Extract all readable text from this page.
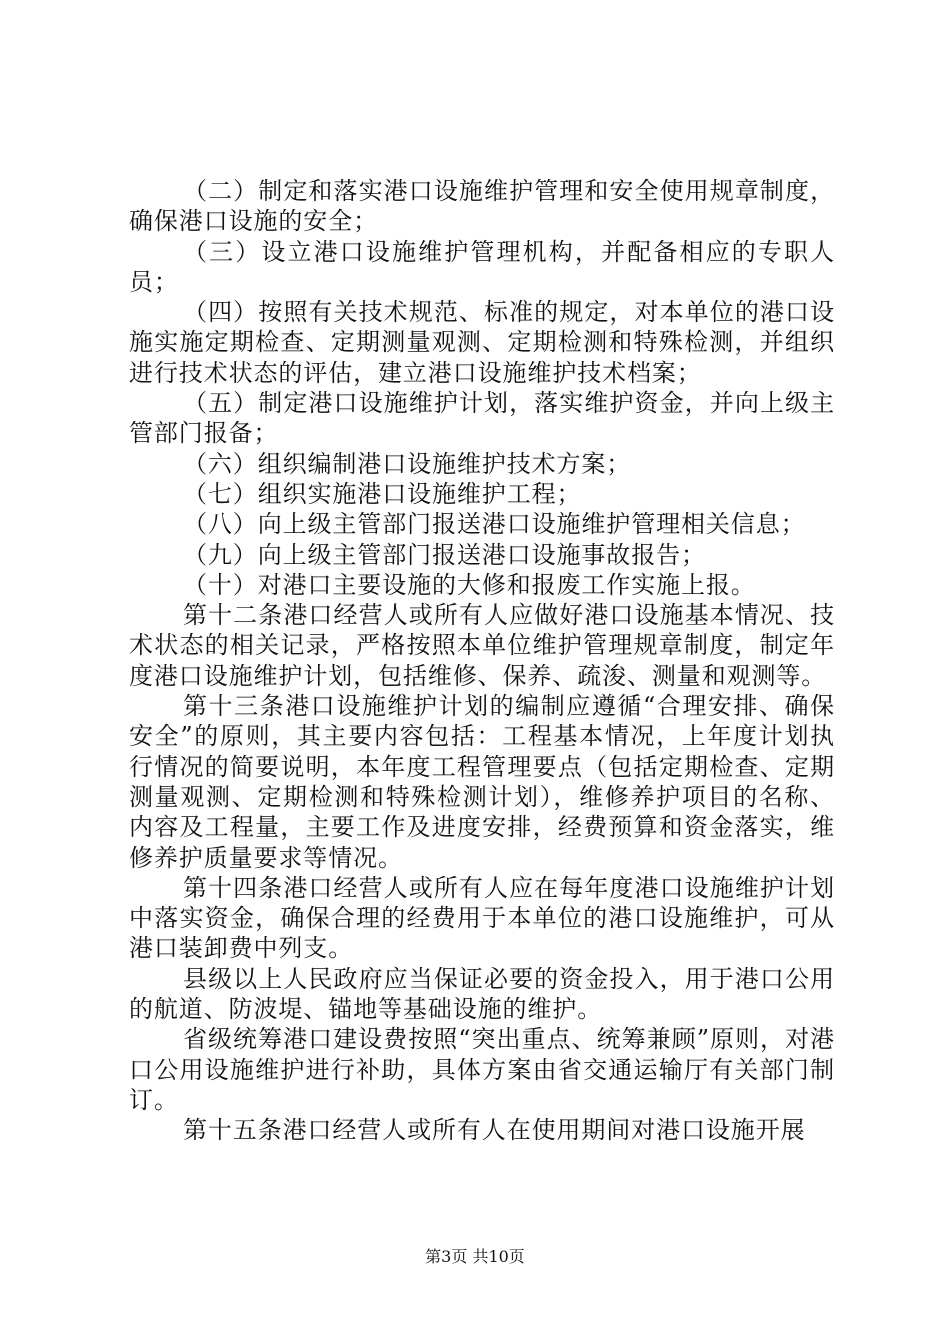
（二）制定和落实港口设施维护管理和安全使用规章制度，确保港口设施的安全；

（三）设立港口设施维护管理机构，并配备相应的专职人员；

（四）按照有关技术规范、标准的规定，对本单位的港口设施实施定期检查、定期测量观测、定期检测和特殊检测，并组织进行技术状态的评估，建立港口设施维护技术档案；

（五）制定港口设施维护计划，落实维护资金，并向上级主管部门报备；

（六）组织编制港口设施维护技术方案；

（七）组织实施港口设施维护工程；

（八）向上级主管部门报送港口设施维护管理相关信息；

（九）向上级主管部门报送港口设施事故报告；

（十）对港口主要设施的大修和报废工作实施上报。

第十二条港口经营人或所有人应做好港口设施基本情况、技术状态的相关记录，严格按照本单位维护管理规章制度，制定年度港口设施维护计划，包括维修、保养、疏浚、测量和观测等。

第十三条港口设施维护计划的编制应遵循“合理安排、确保安全”的原则，其主要内容包括：工程基本情况，上年度计划执行情况的简要说明，本年度工程管理要点（包括定期检查、定期测量观测、定期检测和特殊检测计划），维修养护项目的名称、内容及工程量，主要工作及进度安排，经费预算和资金落实，维修养护质量要求等情况。

第十四条港口经营人或所有人应在每年度港口设施维护计划中落实资金，确保合理的经费用于本单位的港口设施维护，可从港口装卸费中列支。

县级以上人民政府应当保证必要的资金投入，用于港口公用的航道、防波堤、锚地等基础设施的维护。

省级统筹港口建设费按照“突出重点、统筹兼顾”原则，对港口公用设施维护进行补助，具体方案由省交通运输厅有关部门制订。

第十五条港口经营人或所有人在使用期间对港口设施开展

第3页 共10页
